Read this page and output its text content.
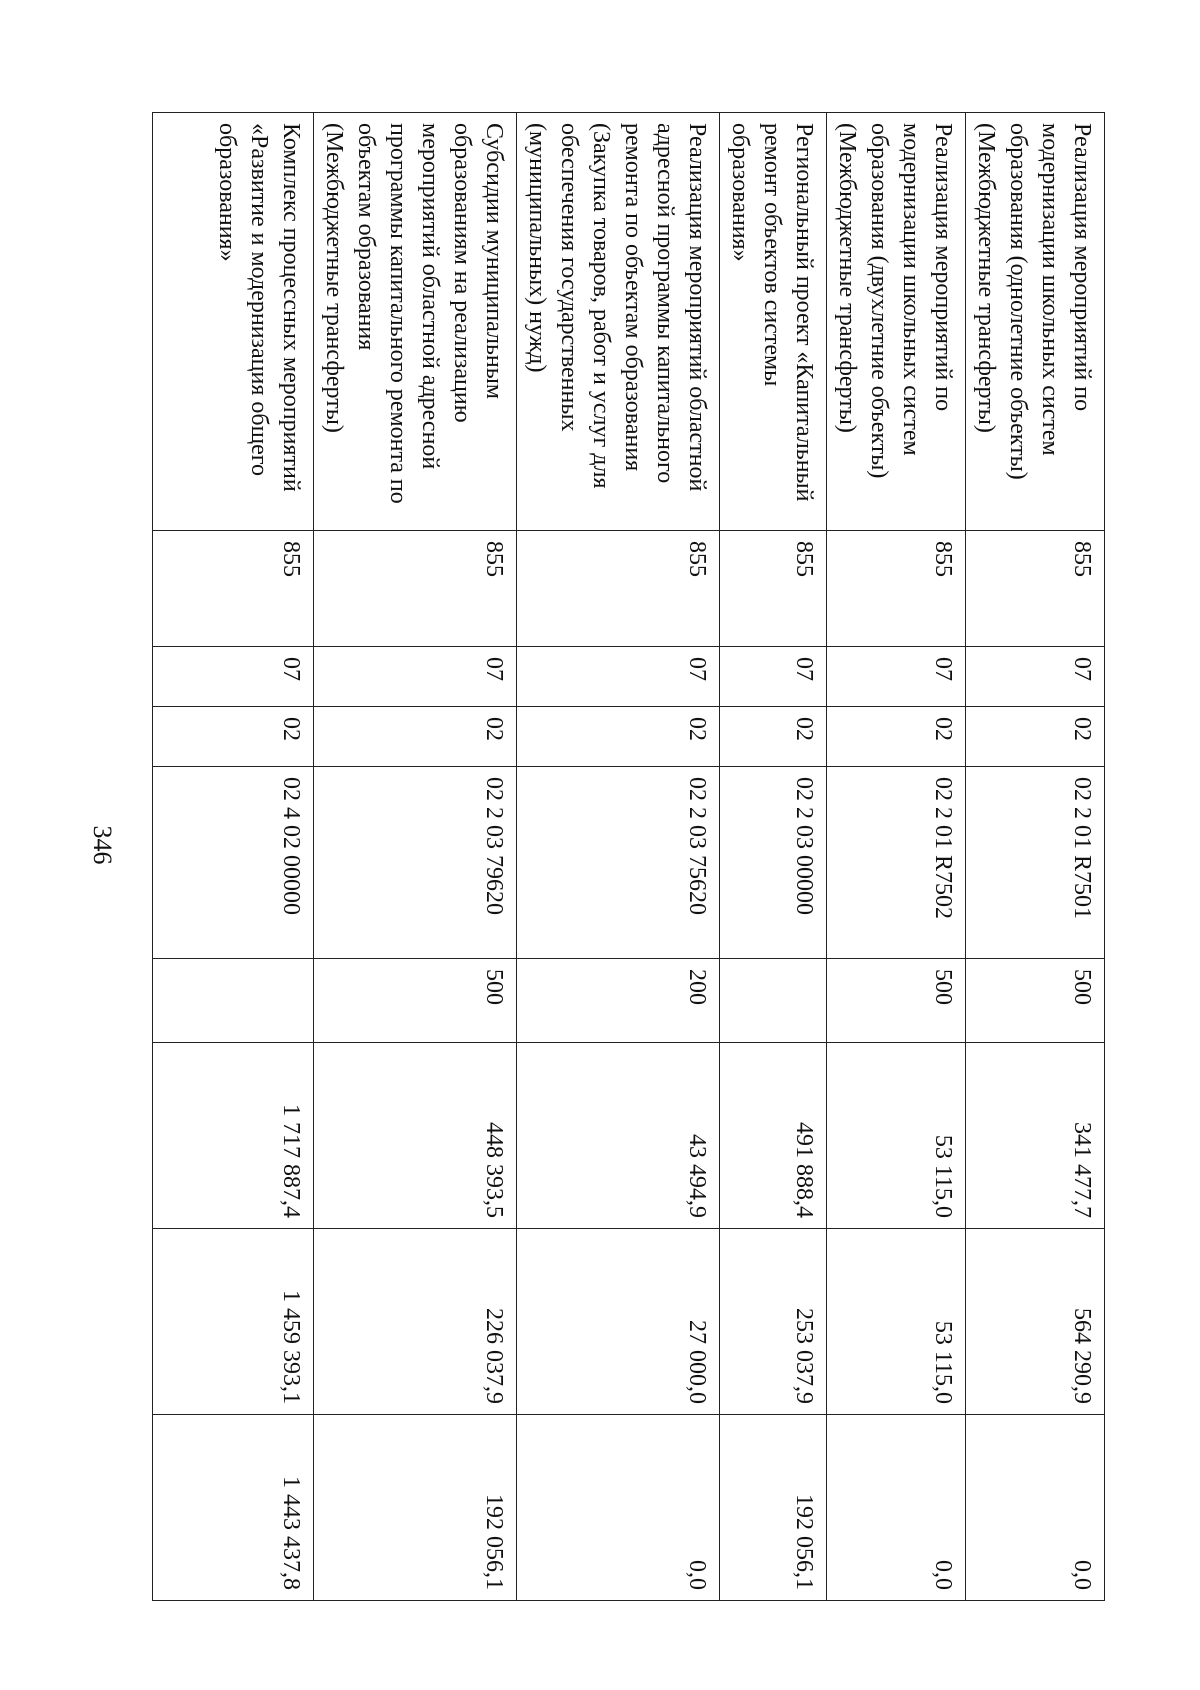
346
Реализация мероприятий по модернизации школьных систем образования (однолетние объекты) (Межбюджетные трансферты)	855	07	02	02 2 01 R7501	500	341 477,7	564 290,9	0,0
Реализация мероприятий по модернизации школьных систем образования (двухлетние объекты) (Межбюджетные трансферты)	855	07	02	02 2 01 R7502	500	53 115,0	53 115,0	0,0
Региональный проект «Капитальный ремонт объектов системы образования»	855	07	02	02 2 03 00000		491 888,4	253 037,9	192 056,1
Реализация мероприятий областной адресной программы капитального ремонта по объектам образования (Закупка товаров, работ и услуг для обеспечения государственных (муниципальных) нужд)	855	07	02	02 2 03 75620	200	43 494,9	27 000,0	0,0
Субсидии муниципальным образованиям на реализацию мероприятий областной адресной программы капитального ремонта по объектам образования (Межбюджетные трансферты)	855	07	02	02 2 03 79620	500	448 393,5	226 037,9	192 056,1
Комплекс процессных мероприятий «Развитие и модернизация общего образования»	855	07	02	02 4 02 00000		1 717 887,4	1 459 393,1	1 443 437,8
